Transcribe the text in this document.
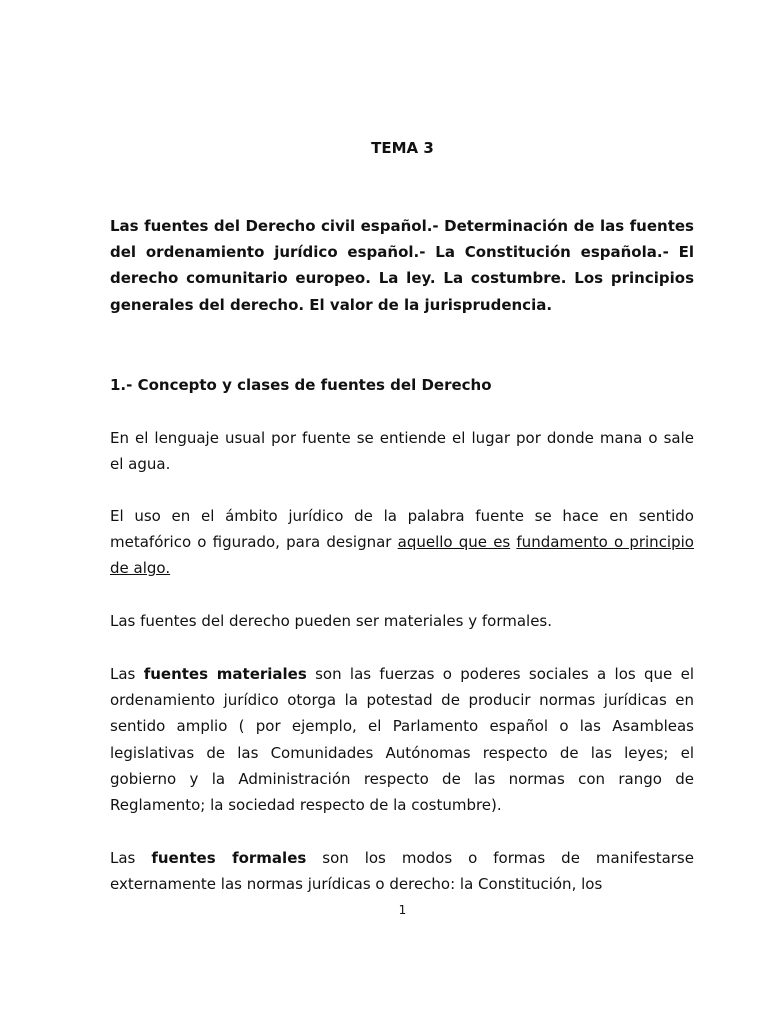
TEMA 3

Las fuentes del Derecho civil español.- Determinación de las fuentes del ordenamiento jurídico español.- La Constitución española.- El derecho comunitario europeo. La ley. La costumbre. Los principios generales del derecho. El valor de la jurisprudencia.

1.- Concepto y clases de fuentes del Derecho

En el lenguaje usual por fuente se entiende el lugar por donde mana o sale el agua.

El uso en el ámbito jurídico de la palabra fuente se hace en sentido metafórico o figurado, para designar aquello que es fundamento o principio de algo.

Las fuentes del derecho pueden ser materiales y formales.

Las fuentes materiales son las fuerzas o poderes sociales a los que el ordenamiento jurídico otorga la potestad de producir normas jurídicas en sentido amplio ( por ejemplo, el Parlamento español o las Asambleas legislativas de las Comunidades Autónomas respecto de las leyes; el gobierno y la Administración respecto de las normas con rango de Reglamento; la sociedad respecto de la costumbre).

Las fuentes formales son los modos o formas de manifestarse externamente las normas jurídicas o derecho: la Constitución, los

1
